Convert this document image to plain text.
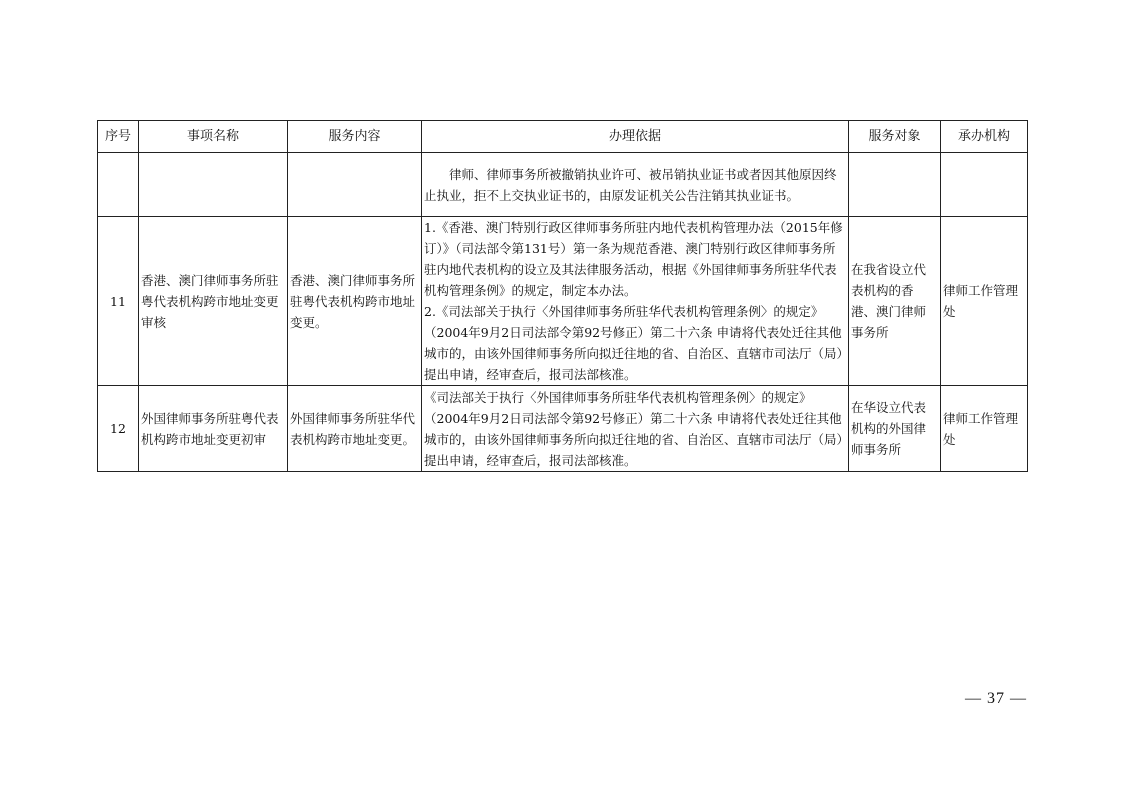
序号	事项名称	服务内容	办理依据	服务对象	承办机构

			律师、律师事务所被撤销执业许可、被吊销执业证书或者因其他原因终止执业，拒不上交执业证书的，由原发证机关公告注销其执业证书。		

11	香港、澳门律师事务所驻粤代表机构跨市地址变更审核	香港、澳门律师事务所驻粤代表机构跨市地址变更。	1.《香港、澳门特别行政区律师事务所驻内地代表机构管理办法（2015年修订）》（司法部令第131号）第一条为规范香港、澳门特别行政区律师事务所驻内地代表机构的设立及其法律服务活动，根据《外国律师事务所驻华代表机构管理条例》的规定，制定本办法。
2.《司法部关于执行〈外国律师事务所驻华代表机构管理条例〉的规定》（2004年9月2日司法部令第92号修正）第二十六条 申请将代表处迁往其他城市的，由该外国律师事务所向拟迁往地的省、自治区、直辖市司法厅（局）提出申请，经审查后，报司法部核准。	在我省设立代表机构的香港、澳门律师事务所	律师工作管理处
12	外国律师事务所驻粤代表机构跨市地址变更初审	外国律师事务所驻华代表机构跨市地址变更。	《司法部关于执行〈外国律师事务所驻华代表机构管理条例〉的规定》（2004年9月2日司法部令第92号修正）第二十六条 申请将代表处迁往其他城市的，由该外国律师事务所向拟迁往地的省、自治区、直辖市司法厅（局）提出申请，经审查后，报司法部核准。	在华设立代表机构的外国律师事务所	律师工作管理处
— 37 —
